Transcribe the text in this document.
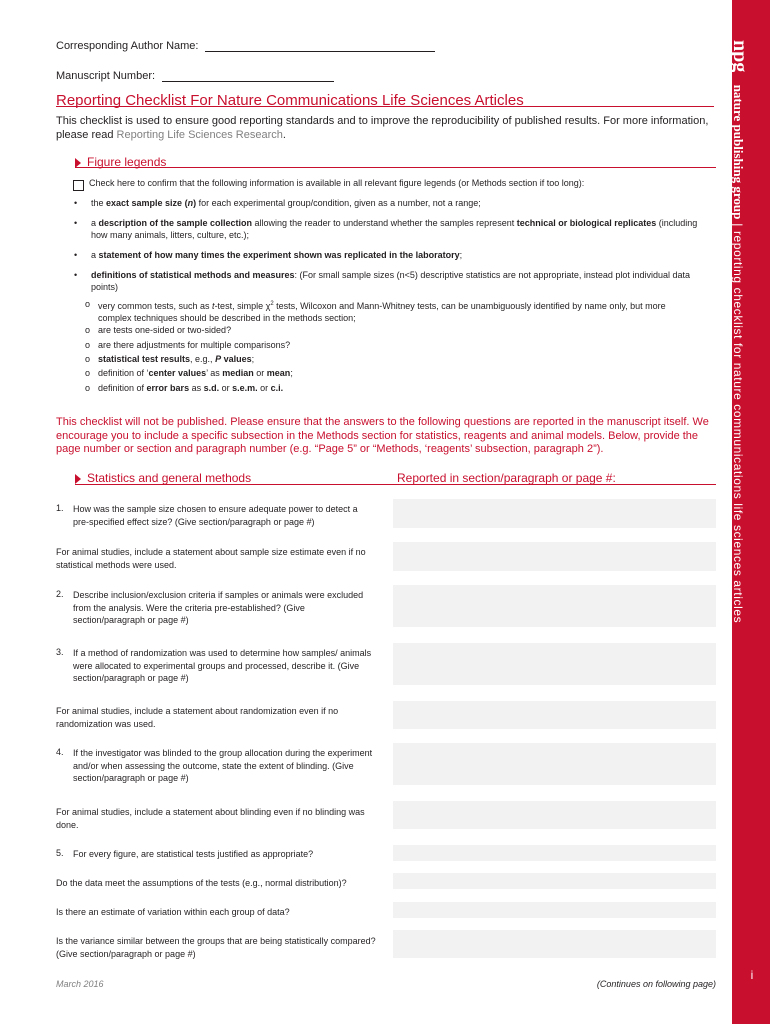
npg nature publishing group | reporting checklist for nature communications life sciences articles
i
Corresponding Author Name:
Manuscript Number:
Reporting Checklist For Nature Communications Life Sciences Articles
This checklist is used to ensure good reporting standards and to improve the reproducibility of published results. For more information, please read Reporting Life Sciences Research.
Figure legends
Check here to confirm that the following information is available in all relevant figure legends (or Methods section if too long):
• the exact sample size (n) for each experimental group/condition, given as a number, not a range;
• a description of the sample collection allowing the reader to understand whether the samples represent technical or biological replicates (including how many animals, litters, culture, etc.);
• a statement of how many times the experiment shown was replicated in the laboratory;
• definitions of statistical methods and measures: (For small sample sizes (n<5) descriptive statistics are not appropriate, instead plot individual data points)
o very common tests, such as t-test, simple $\chi^2$ tests, Wilcoxon and Mann-Whitney tests, can be unambiguously identified by name only, but more complex techniques should be described in the methods section;
o are tests one-sided or two-sided?
o are there adjustments for multiple comparisons?
o statistical test results, e.g., P values;
o definition of ‘center values’ as median or mean;
o definition of error bars as s.d. or s.e.m. or c.i.
This checklist will not be published. Please ensure that the answers to the following questions are reported in the manuscript itself. We encourage you to include a specific subsection in the Methods section for statistics, reagents and animal models. Below, provide the page number or section and paragraph number (e.g. “Page 5” or “Methods, ‘reagents’ subsection, paragraph 2”).
Statistics and general methods	Reported in section/paragraph or page #:
1. How was the sample size chosen to ensure adequate power to detect a pre-specified effect size? (Give section/paragraph or page #)
For animal studies, include a statement about sample size estimate even if no statistical methods were used.
2. Describe inclusion/exclusion criteria if samples or animals were excluded from the analysis. Were the criteria pre-established? (Give section/paragraph or page #)
3. If a method of randomization was used to determine how samples/ animals were allocated to experimental groups and processed, describe it. (Give section/paragraph or page #)
For animal studies, include a statement about randomization even if no randomization was used.
4. If the investigator was blinded to the group allocation during the experiment and/or when assessing the outcome, state the extent of blinding. (Give section/paragraph or page #)
For animal studies, include a statement about blinding even if no blinding was done.
5. For every figure, are statistical tests justified as appropriate?
Do the data meet the assumptions of the tests (e.g., normal distribution)?
Is there an estimate of variation within each group of data?
Is the variance similar between the groups that are being statistically compared? (Give section/paragraph or page #)
March 2016	(Continues on following page)
